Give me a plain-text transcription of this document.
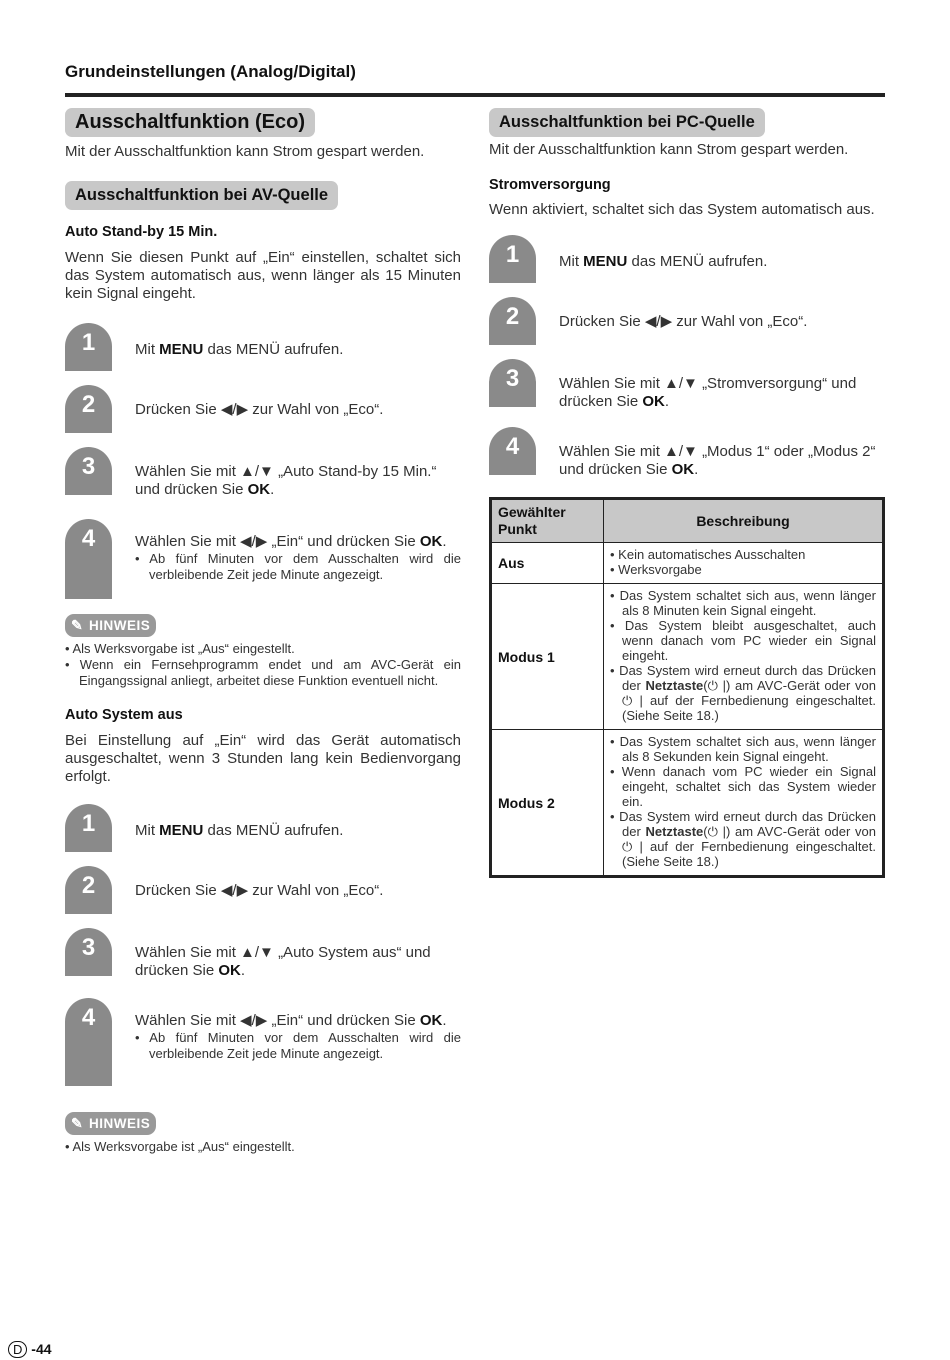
Grundeinstellungen (Analog/Digital)
Ausschaltfunktion (Eco)
Mit der Ausschaltfunktion kann Strom gespart werden.
Ausschaltfunktion bei AV-Quelle
Auto Stand-by 15 Min.
Wenn Sie diesen Punkt auf „Ein“ einstellen, schaltet sich das System automatisch aus, wenn länger als 15 Minuten kein Signal eingeht.
1	Mit MENU das MENÜ aufrufen.
2	Drücken Sie ◀/▶ zur Wahl von „Eco“.
3	Wählen Sie mit ▲/▼ „Auto Stand-by 15 Min.“ und drücken Sie OK.
4	Wählen Sie mit ◀/▶ „Ein“ und drücken Sie OK.
• Ab fünf Minuten vor dem Ausschalten wird die verbleibende Zeit jede Minute angezeigt.
✎ HINWEIS
• Als Werksvorgabe ist „Aus“ eingestellt.
• Wenn ein Fernsehprogramm endet und am AVC-Gerät ein Eingangssignal anliegt, arbeitet diese Funktion eventuell nicht.
Auto System aus
Bei Einstellung auf „Ein“ wird das Gerät automatisch ausgeschaltet, wenn 3 Stunden lang kein Bedienvorgang erfolgt.
1	Mit MENU das MENÜ aufrufen.
2	Drücken Sie ◀/▶ zur Wahl von „Eco“.
3	Wählen Sie mit ▲/▼ „Auto System aus“ und drücken Sie OK.
4	Wählen Sie mit ◀/▶ „Ein“ und drücken Sie OK.
• Ab fünf Minuten vor dem Ausschalten wird die verbleibende Zeit jede Minute angezeigt.
✎ HINWEIS
• Als Werksvorgabe ist „Aus“ eingestellt.
Ausschaltfunktion bei PC-Quelle
Mit der Ausschaltfunktion kann Strom gespart werden.
Stromversorgung
Wenn aktiviert, schaltet sich das System automatisch aus.
1	Mit MENU das MENÜ aufrufen.
2	Drücken Sie ◀/▶ zur Wahl von „Eco“.
3	Wählen Sie mit ▲/▼ „Stromversorgung“ und drücken Sie OK.
4	Wählen Sie mit ▲/▼ „Modus 1“ oder „Modus 2“ und drücken Sie OK.
Gewählter Punkt	Beschreibung
Aus	• Kein automatisches Ausschalten
• Werksvorgabe

Modus 1	• Das System schaltet sich aus, wenn länger als 8 Minuten kein Signal eingeht.
• Das System bleibt ausgeschaltet, auch wenn danach vom PC wieder ein Signal eingeht.
• Das System wird erneut durch das Drücken der Netztaste(⏻ |) am AVC-Gerät oder von ⏻ | auf der Fernbedienung eingeschaltet. (Siehe Seite 18.)

Modus 2	• Das System schaltet sich aus, wenn länger als 8 Sekunden kein Signal eingeht.
• Wenn danach vom PC wieder ein Signal eingeht, schaltet sich das System wieder ein.
• Das System wird erneut durch das Drücken der Netztaste(⏻ |) am AVC-Gerät oder von ⏻ | auf der Fernbedienung eingeschaltet. (Siehe Seite 18.)
D -44
